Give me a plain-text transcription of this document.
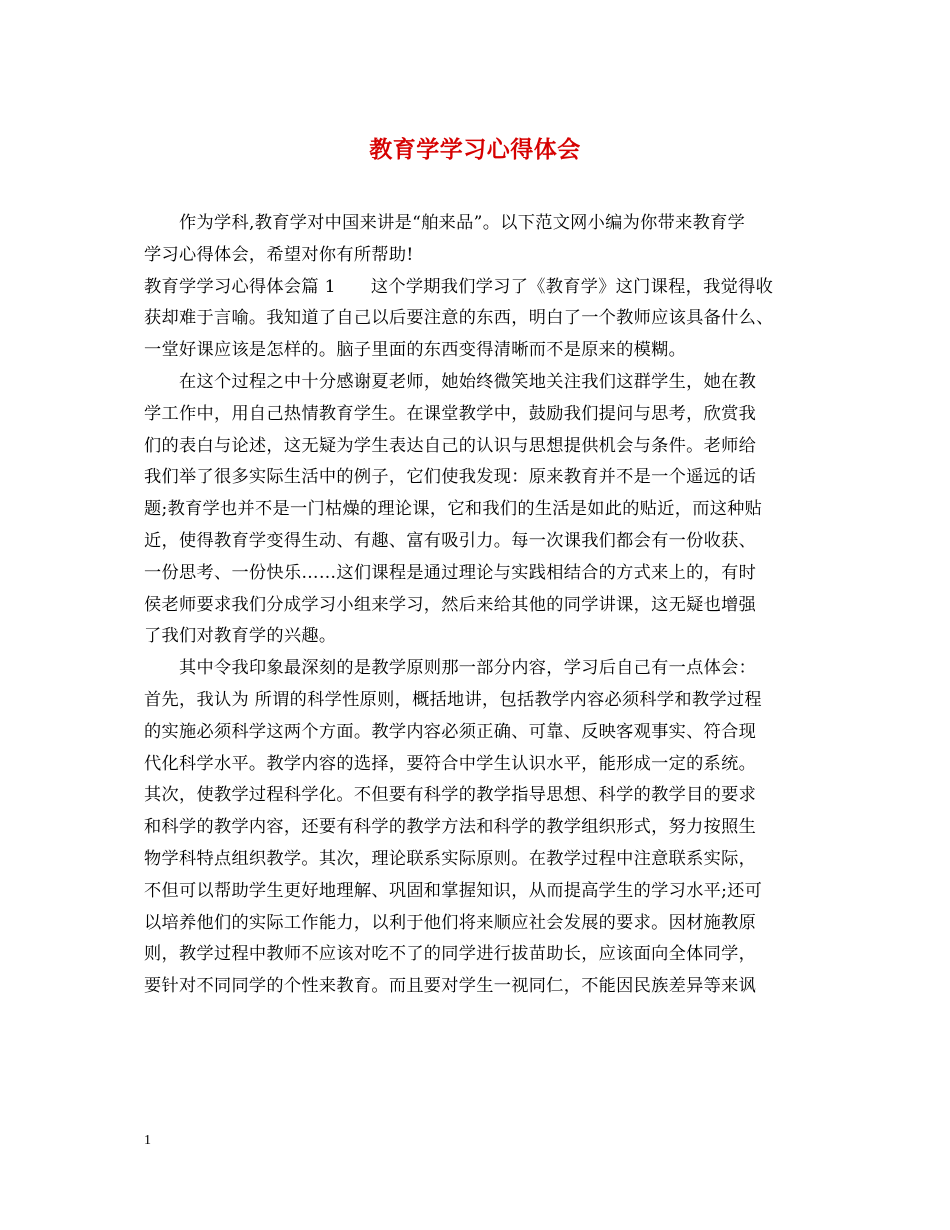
教育学学习心得体会
作为学科,教育学对中国来讲是“舶来品”。以下范文网小编为你带来教育学
学习心得体会，希望对你有所帮助!
教育学学习心得体会篇 1　　这个学期我们学习了《教育学》这门课程，我觉得收
获却难于言喻。我知道了自己以后要注意的东西，明白了一个教师应该具备什么、
一堂好课应该是怎样的。脑子里面的东西变得清晰而不是原来的模糊。
在这个过程之中十分感谢夏老师，她始终微笑地关注我们这群学生，她在教
学工作中，用自己热情教育学生。在课堂教学中，鼓励我们提问与思考，欣赏我
们的表白与论述，这无疑为学生表达自己的认识与思想提供机会与条件。老师给
我们举了很多实际生活中的例子，它们使我发现：原来教育并不是一个遥远的话
题;教育学也并不是一门枯燥的理论课，它和我们的生活是如此的贴近，而这种贴
近，使得教育学变得生动、有趣、富有吸引力。每一次课我们都会有一份收获、
一份思考、一份快乐……这们课程是通过理论与实践相结合的方式来上的，有时
侯老师要求我们分成学习小组来学习，然后来给其他的同学讲课，这无疑也增强
了我们对教育学的兴趣。
其中令我印象最深刻的是教学原则那一部分内容，学习后自己有一点体会：
首先，我认为 所谓的科学性原则，概括地讲，包括教学内容必须科学和教学过程
的实施必须科学这两个方面。教学内容必须正确、可靠、反映客观事实、符合现
代化科学水平。教学内容的选择，要符合中学生认识水平，能形成一定的系统。
其次，使教学过程科学化。不但要有科学的教学指导思想、科学的教学目的要求
和科学的教学内容，还要有科学的教学方法和科学的教学组织形式，努力按照生
物学科特点组织教学。其次，理论联系实际原则。在教学过程中注意联系实际，
不但可以帮助学生更好地理解、巩固和掌握知识，从而提高学生的学习水平;还可
以培养他们的实际工作能力，以利于他们将来顺应社会发展的要求。因材施教原
则，教学过程中教师不应该对吃不了的同学进行拔苗助长，应该面向全体同学，
要针对不同同学的个性来教育。而且要对学生一视同仁，不能因民族差异等来讽
1
